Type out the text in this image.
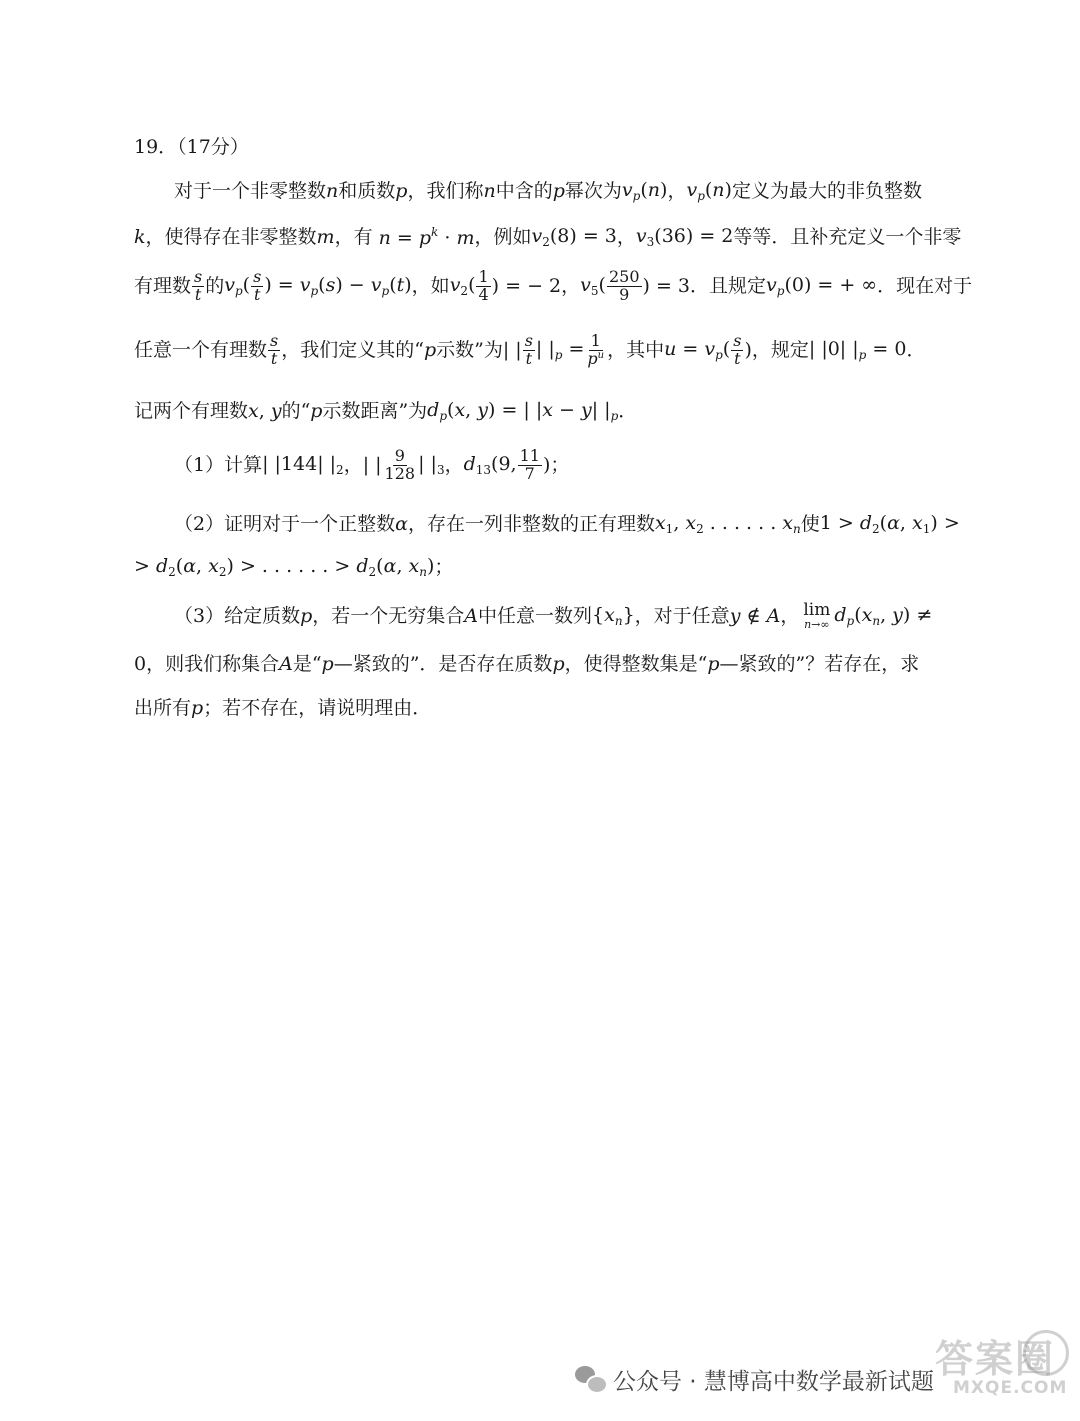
19．（17分）
对于一个非零整数 n 和质数 p ，我们称 n 中含的 p 幂次为 $v_p(n)$ ， $v_p(n)$ 定义为最大的非负整数
k ，使得存在非零整数 m ，有 $n = p^k \cdot m$ ，例如 $v_2(8) = 3$ ， $v_3(36) = 2$ 等等．且补充定义一个非零
有理数 $\frac{s}{t}$ 的 $v_p( \frac{s}{t}$ ) = $v_p(s) - v_p(t)$ ，如 $v_2( \frac{1}{4}$ ) = − 2 ， $v_5( \frac{250}{9}$ ) = 3 ．且规定 $v_p(0)$ = + ∞ ．现在对于
任意一个有理数 $\frac{s}{t}$ ，我们定义其的“ p 示数”为 | | $\frac{s}{t}$ | $|_p = \frac{1}{p^u}$ ，其中 $u = v_p( \frac{s}{t}$ ) ，规定 | |0| $|_p = 0$ ．
记两个有理数 x, y 的“ p 示数距离”为 $d_p(x$, y) = | |x − y| $|_p$ ．
（1）计算 | |144| $|_2$ ， | | $\frac{9}{128}$ | $|_3$ ， $d_{13}(9$, $\frac{11}{7}$ ) ；
（2）证明对于一个正整数 α ，存在一列非整数的正有理数 $x_1$, $x_2$ . . . . . . $x_n$ 使 $1 > d_2(\alpha$, $x_1$) >
> $d_2(\alpha$, $x_2$) > . . . . . . > $d_2(\alpha$, $x_n$) ；
（3）给定质数 p ，若一个无穷集合 A 中任意一数列 $\{x_n\}$ ，对于任意 y ∉ A ， lim
n→∞ $d_p(x_n$, y) ≠
0，则我们称集合 A 是“ p —紧致的”．是否存在质数 p ，使得整数集是“ p —紧致的”？若存在，求
出所有 p ；若不存在，请说明理由．
公众号 · 慧博高中数学最新试题
答案圈
MXQE.COM
